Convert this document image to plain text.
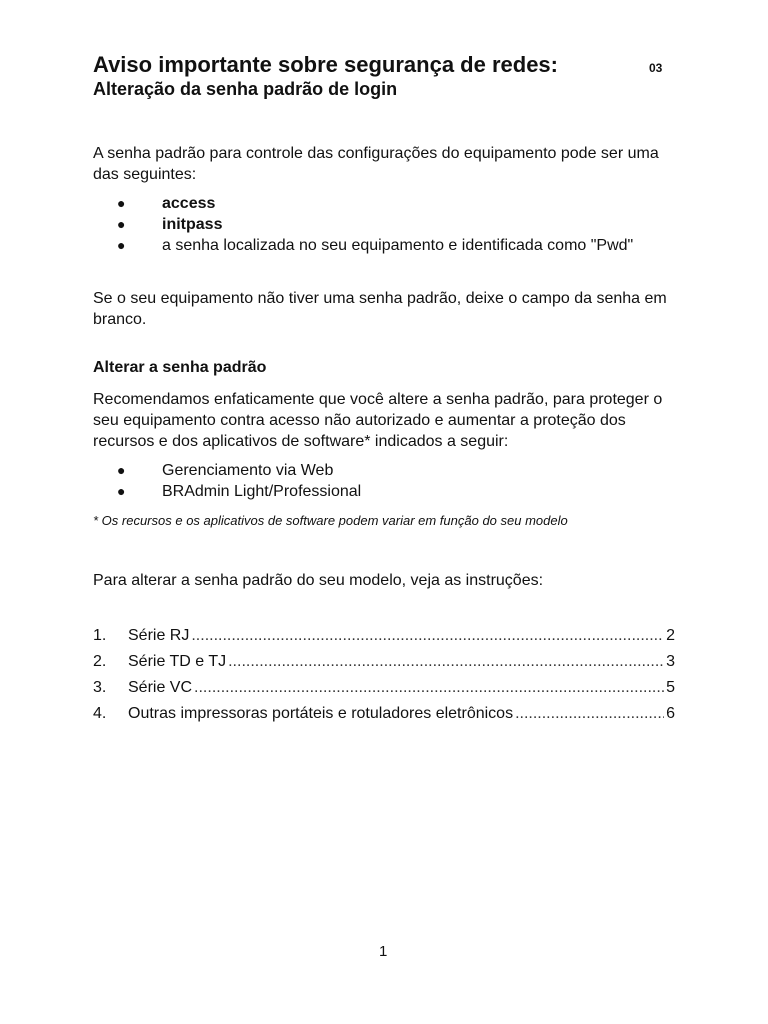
Aviso importante sobre segurança de redes:	03
Alteração da senha padrão de login

A senha padrão para controle das configurações do equipamento pode ser uma das seguintes:

● access
● initpass
● a senha localizada no seu equipamento e identificada como "Pwd"

Se o seu equipamento não tiver uma senha padrão, deixe o campo da senha em branco.

Alterar a senha padrão

Recomendamos enfaticamente que você altere a senha padrão, para proteger o seu equipamento contra acesso não autorizado e aumentar a proteção dos recursos e dos aplicativos de software* indicados a seguir:

● Gerenciamento via Web
● BRAdmin Light/Professional
* Os recursos e os aplicativos de software podem variar em função do seu modelo

Para alterar a senha padrão do seu modelo, veja as instruções:

1.	Série RJ .....	2
2.	Série TD e TJ .....	3
3.	Série VC .....	5
4.	Outras impressoras portáteis e rotuladores eletrônicos .....	6
1
